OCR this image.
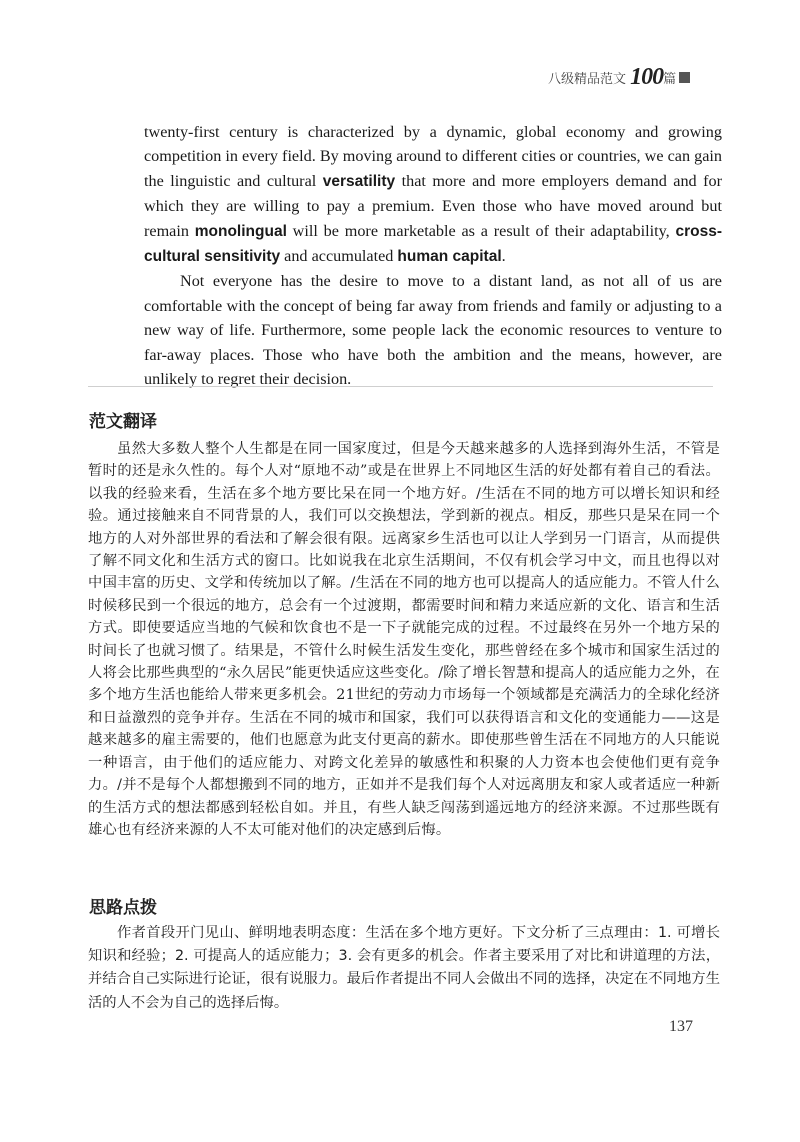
八级精品范文 100篇

twenty-first century is characterized by a dynamic, global economy and growing competition in every field. By moving around to different cities or countries, we can gain the linguistic and cultural versatility that more and more employers demand and for which they are willing to pay a premium. Even those who have moved around but remain monolingual will be more marketable as a result of their adaptability, cross-cultural sensitivity and accumulated human capital.

Not everyone has the desire to move to a distant land, as not all of us are comfortable with the concept of being far away from friends and family or adjusting to a new way of life. Furthermore, some people lack the economic resources to venture to far-away places. Those who have both the ambition and the means, however, are unlikely to regret their decision.

范文翻译

虽然大多数人整个人生都是在同一国家度过，但是今天越来越多的人选择到海外生活，不管是暂时的还是永久性的。每个人对“原地不动”或是在世界上不同地区生活的好处都有着自己的看法。以我的经验来看，生活在多个地方要比呆在同一个地方好。/生活在不同的地方可以增长知识和经验。通过接触来自不同背景的人，我们可以交换想法，学到新的视点。相反，那些只是呆在同一个地方的人对外部世界的看法和了解会很有限。远离家乡生活也可以让人学到另一门语言，从而提供了解不同文化和生活方式的窗口。比如说我在北京生活期间，不仅有机会学习中文，而且也得以对中国丰富的历史、文学和传统加以了解。/生活在不同的地方也可以提高人的适应能力。不管人什么时候移民到一个很远的地方，总会有一个过渡期，都需要时间和精力来适应新的文化、语言和生活方式。即使要适应当地的气候和饮食也不是一下子就能完成的过程。不过最终在另外一个地方呆的时间长了也就习惯了。结果是，不管什么时候生活发生变化，那些曾经在多个城市和国家生活过的人将会比那些典型的“永久居民”能更快适应这些变化。/除了增长智慧和提高人的适应能力之外，在多个地方生活也能给人带来更多机会。21世纪的劳动力市场每一个领域都是充满活力的全球化经济和日益激烈的竞争并存。生活在不同的城市和国家，我们可以获得语言和文化的变通能力——这是越来越多的雇主需要的，他们也愿意为此支付更高的薪水。即使那些曾生活在不同地方的人只能说一种语言，由于他们的适应能力、对跨文化差异的敏感性和积聚的人力资本也会使他们更有竞争力。/并不是每个人都想搬到不同的地方，正如并不是我们每个人对远离朋友和家人或者适应一种新的生活方式的想法都感到轻松自如。并且，有些人缺乏闯荡到遥远地方的经济来源。不过那些既有雄心也有经济来源的人不太可能对他们的决定感到后悔。

思路点拨

作者首段开门见山、鲜明地表明态度：生活在多个地方更好。下文分析了三点理由：1. 可增长知识和经验；2. 可提高人的适应能力；3. 会有更多的机会。作者主要采用了对比和讲道理的方法，并结合自己实际进行论证，很有说服力。最后作者提出不同人会做出不同的选择，决定在不同地方生活的人不会为自己的选择后悔。

137
